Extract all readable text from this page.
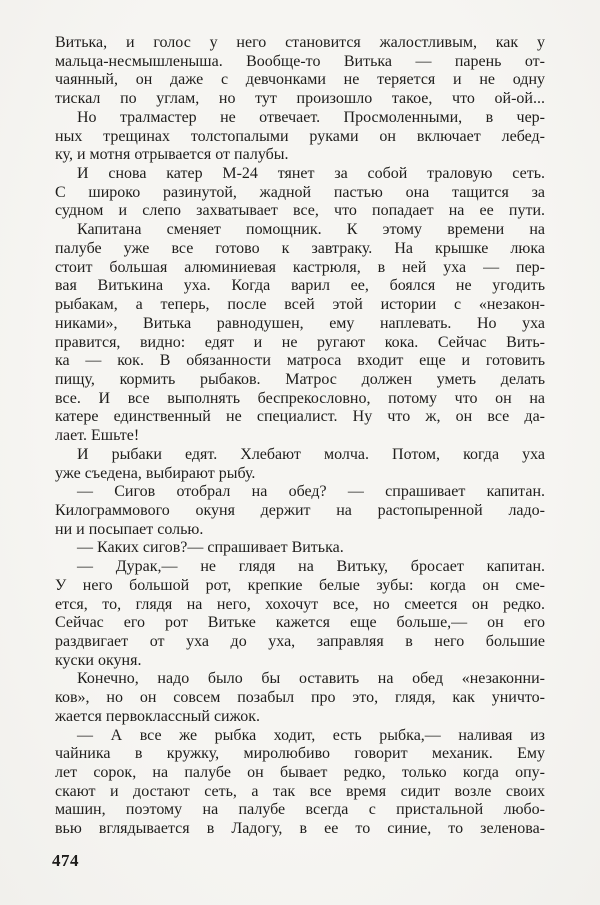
Витька, и голос у него становится жалостливым, как у
мальца-несмышленыша. Вообще-то Витька — парень от-
чаянный, он даже с девчонками не теряется и не одну
тискал по углам, но тут произошло такое, что ой-ой...
Но тралмастер не отвечает. Просмоленными, в чер-
ных трещинах толстопалыми руками он включает лебед-
ку, и мотня отрывается от палубы.
И снова катер М-24 тянет за собой траловую сеть.
С широко разинутой, жадной пастью она тащится за
судном и слепо захватывает все, что попадает на ее пути.
Капитана сменяет помощник. К этому времени на
палубе уже все готово к завтраку. На крышке люка
стоит большая алюминиевая кастрюля, в ней уха — пер-
вая Витькина уха. Когда варил ее, боялся не угодить
рыбакам, а теперь, после всей этой истории с «незакон-
никами», Витька равнодушен, ему наплевать. Но уха
правится, видно: едят и не ругают кока. Сейчас Вить-
ка — кок. В обязанности матроса входит еще и готовить
пищу, кормить рыбаков. Матрос должен уметь делать
все. И все выполнять беспрекословно, потому что он на
катере единственный не специалист. Ну что ж, он все да-
лает. Ешьте!
И рыбаки едят. Хлебают молча. Потом, когда уха
уже съедена, выбирают рыбу.
— Сигов отобрал на обед? — спрашивает капитан.
Килограммового окуня держит на растопыренной ладо-
ни и посыпает солью.
— Каких сигов?— спрашивает Витька.
— Дурак,— не глядя на Витьку, бросает капитан.
У него большой рот, крепкие белые зубы: когда он сме-
ется, то, глядя на него, хохочут все, но смеется он редко.
Сейчас его рот Витьке кажется еще больше,— он его
раздвигает от уха до уха, заправляя в него большие
куски окуня.
Конечно, надо было бы оставить на обед «незаконни-
ков», но он совсем позабыл про это, глядя, как уничто-
жается первоклассный сижок.
— А все же рыбка ходит, есть рыбка,— наливая из
чайника в кружку, миролюбиво говорит механик. Ему
лет сорок, на палубе он бывает редко, только когда опу-
скают и достают сеть, а так все время сидит возле своих
машин, поэтому на палубе всегда с пристальной любо-
вью вглядывается в Ладогу, в ее то синие, то зеленова-
474
